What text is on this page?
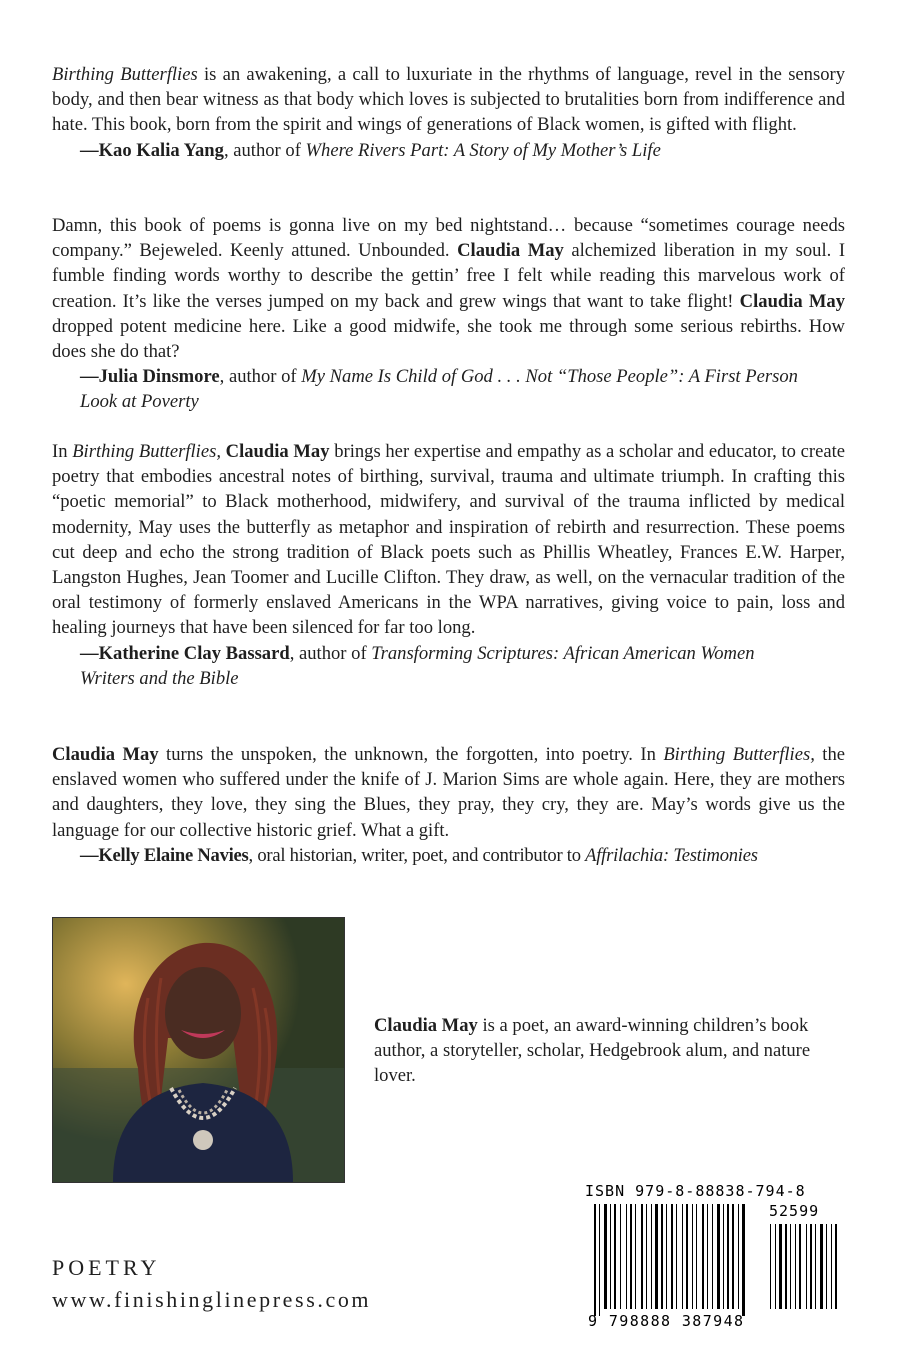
Birthing Butterflies is an awakening, a call to luxuriate in the rhythms of language, revel in the sensory body, and then bear witness as that body which loves is subjected to brutalities born from indifference and hate. This book, born from the spirit and wings of generations of Black women, is gifted with flight.

—Kao Kalia Yang, author of Where Rivers Part: A Story of My Mother’s Life

Damn, this book of poems is gonna live on my bed nightstand… because “sometimes courage needs company.” Bejeweled. Keenly attuned. Unbounded. Claudia May alchemized liberation in my soul. I fumble finding words worthy to describe the gettin’ free I felt while reading this marvelous work of creation. It’s like the verses jumped on my back and grew wings that want to take flight! Claudia May dropped potent medicine here. Like a good midwife, she took me through some serious rebirths. How does she do that?

—Julia Dinsmore, author of My Name Is Child of God . . . Not “Those People”: A First Person
Look at Poverty

In Birthing Butterflies, Claudia May brings her expertise and empathy as a scholar and educator, to create poetry that embodies ancestral notes of birthing, survival, trauma and ultimate triumph. In crafting this “poetic memorial” to Black motherhood, midwifery, and survival of the trauma inflicted by medical modernity, May uses the butterfly as metaphor and inspiration of rebirth and resurrection. These poems cut deep and echo the strong tradition of Black poets such as Phillis Wheatley, Frances E.W. Harper, Langston Hughes, Jean Toomer and Lucille Clifton. They draw, as well, on the vernacular tradition of the oral testimony of formerly enslaved Americans in the WPA narratives, giving voice to pain, loss and healing journeys that have been silenced for far too long.

—Katherine Clay Bassard, author of Transforming Scriptures: African American Women
Writers and the Bible

Claudia May turns the unspoken, the unknown, the forgotten, into poetry. In Birthing Butterflies, the enslaved women who suffered under the knife of J. Marion Sims are whole again. Here, they are mothers and daughters, they love, they sing the Blues, they pray, they cry, they are. May’s words give us the language for our collective historic grief. What a gift.

—Kelly Elaine Navies, oral historian, writer, poet, and contributor to Affrilachia: Testimonies

Claudia May is a poet, an award-winning children’s book author, a storyteller, scholar, Hedgebrook alum, and nature lover.
POETRY
www.finishinglinepress.com
ISBN 979-8-88838-794-8
52599
9 798888 387948
